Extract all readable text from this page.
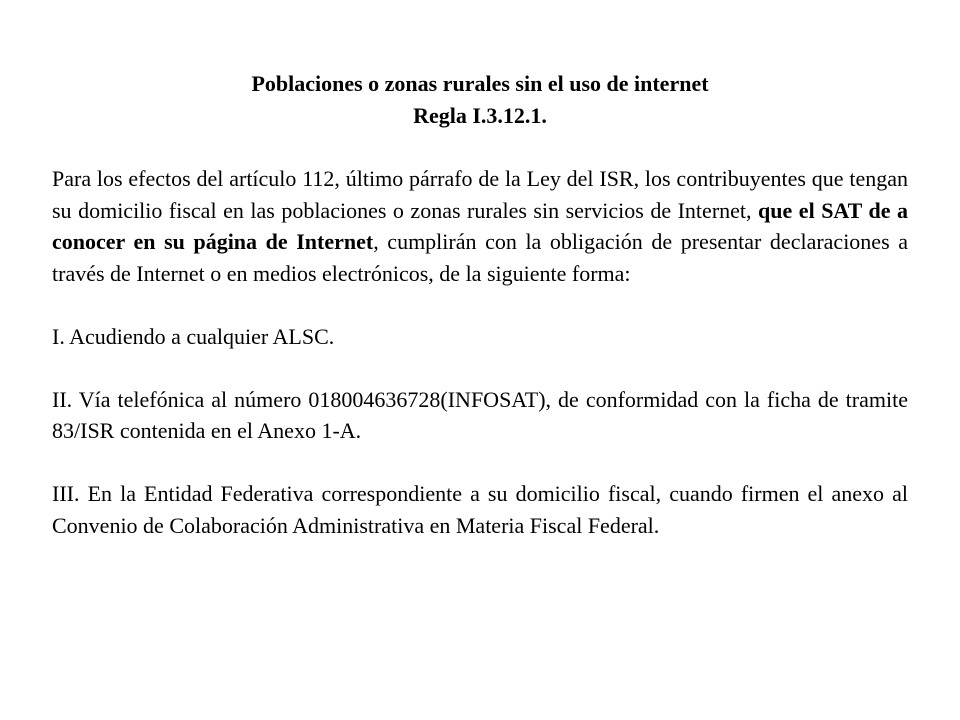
Poblaciones o zonas rurales sin el uso de internet
Regla I.3.12.1.

Para los efectos del artículo 112, último párrafo de la Ley del ISR, los contribuyentes que tengan su domicilio fiscal en las poblaciones o zonas rurales sin servicios de Internet, que el SAT de a conocer en su página de Internet, cumplirán con la obligación de presentar declaraciones a través de Internet o en medios electrónicos, de la siguiente forma:

I. Acudiendo a cualquier ALSC.

II. Vía telefónica al número 018004636728(INFOSAT), de conformidad con la ficha de tramite 83/ISR contenida en el Anexo 1-A.

III. En la Entidad Federativa correspondiente a su domicilio fiscal, cuando firmen el anexo al Convenio de Colaboración Administrativa en Materia Fiscal Federal.
